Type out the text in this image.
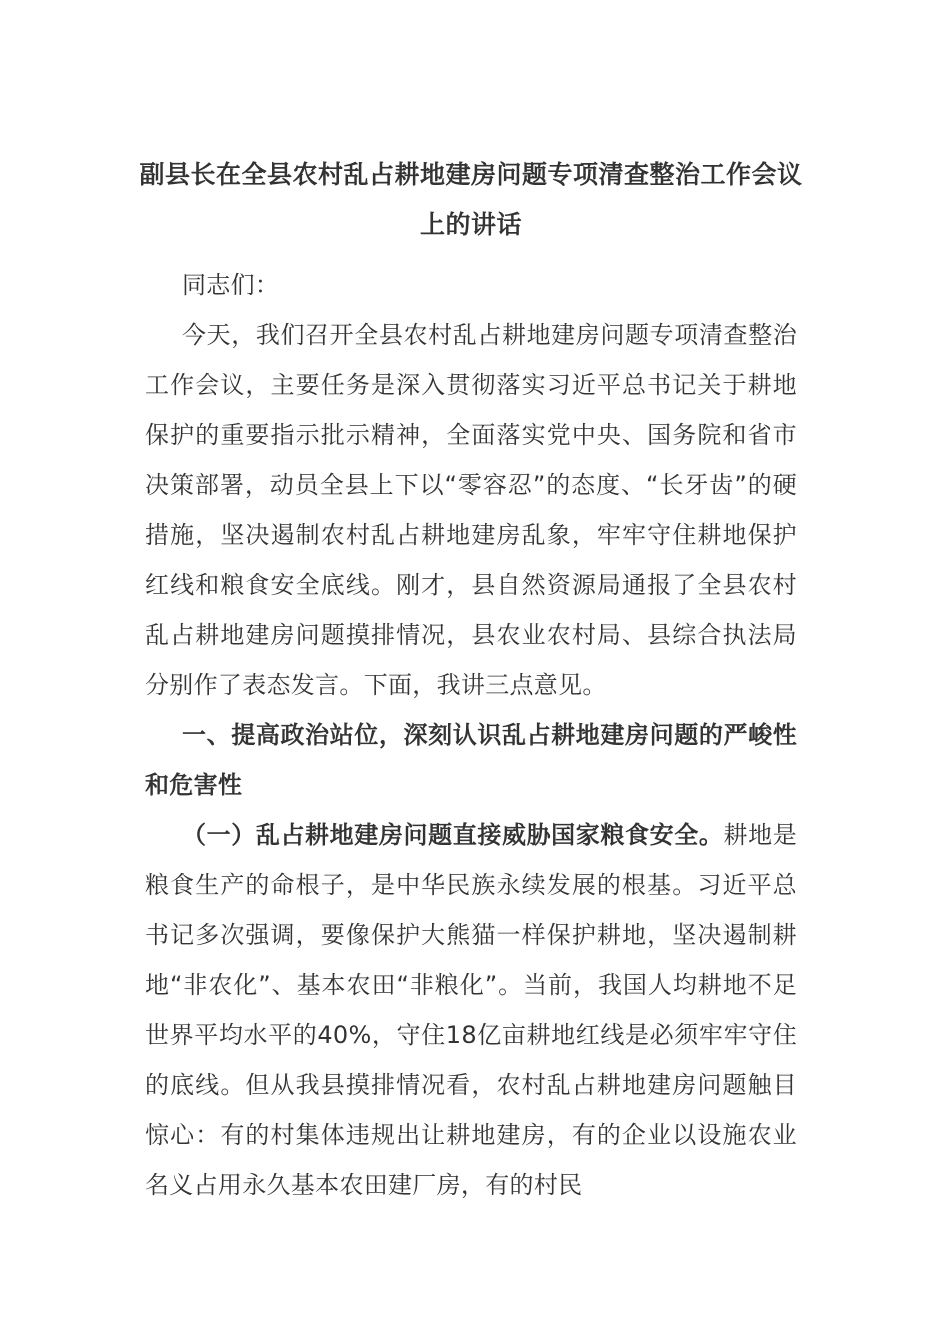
副县长在全县农村乱占耕地建房问题专项清查整治工作会议上的讲话

同志们：

今天，我们召开全县农村乱占耕地建房问题专项清查整治工作会议，主要任务是深入贯彻落实习近平总书记关于耕地保护的重要指示批示精神，全面落实党中央、国务院和省市决策部署，动员全县上下以“零容忍”的态度、“长牙齿”的硬措施，坚决遏制农村乱占耕地建房乱象，牢牢守住耕地保护红线和粮食安全底线。刚才，县自然资源局通报了全县农村乱占耕地建房问题摸排情况，县农业农村局、县综合执法局分别作了表态发言。下面，我讲三点意见。

一、提高政治站位，深刻认识乱占耕地建房问题的严峻性和危害性

（一）乱占耕地建房问题直接威胁国家粮食安全。耕地是粮食生产的命根子，是中华民族永续发展的根基。习近平总书记多次强调，要像保护大熊猫一样保护耕地，坚决遏制耕地“非农化”、基本农田“非粮化”。当前，我国人均耕地不足世界平均水平的40%，守住18亿亩耕地红线是必须牢牢守住的底线。但从我县摸排情况看，农村乱占耕地建房问题触目惊心：有的村集体违规出让耕地建房，有的企业以设施农业名义占用永久基本农田建厂房，有的村民
